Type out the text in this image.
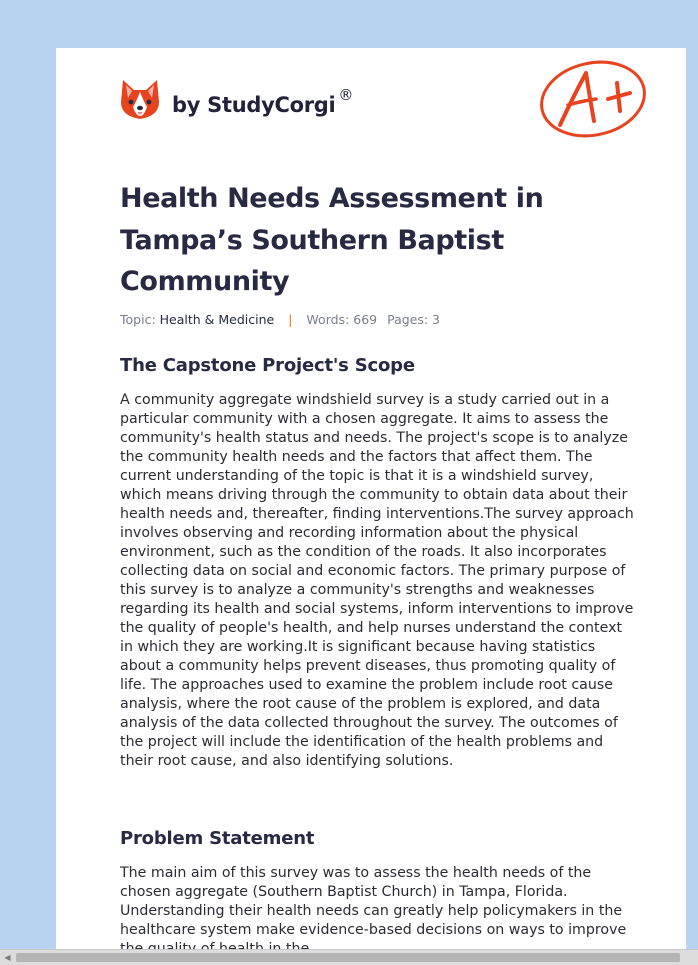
by StudyCorgi ®
Health Needs Assessment in Tampa’s Southern Baptist Community
Topic: Health & Medicine | Words: 669 Pages: 3
The Capstone Project's Scope

A community aggregate windshield survey is a study carried out in a particular community with a chosen aggregate. It aims to assess the community's health status and needs. The project's scope is to analyze the community health needs and the factors that affect them. The current understanding of the topic is that it is a windshield survey, which means driving through the community to obtain data about their health needs and, thereafter, finding interventions.The survey approach involves observing and recording information about the physical environment, such as the condition of the roads. It also incorporates collecting data on social and economic factors. The primary purpose of this survey is to analyze a community's strengths and weaknesses regarding its health and social systems, inform interventions to improve the quality of people's health, and help nurses understand the context in which they are working.It is significant because having statistics about a community helps prevent diseases, thus promoting quality of life. The approaches used to examine the problem include root cause analysis, where the root cause of the problem is explored, and data analysis of the data collected throughout the survey. The outcomes of the project will include the identification of the health problems and their root cause, and also identifying solutions.

Problem Statement

The main aim of this survey was to assess the health needs of the chosen aggregate (Southern Baptist Church) in Tampa, Florida. Understanding their health needs can greatly help policymakers in the healthcare system make evidence-based decisions on ways to improve

◀
